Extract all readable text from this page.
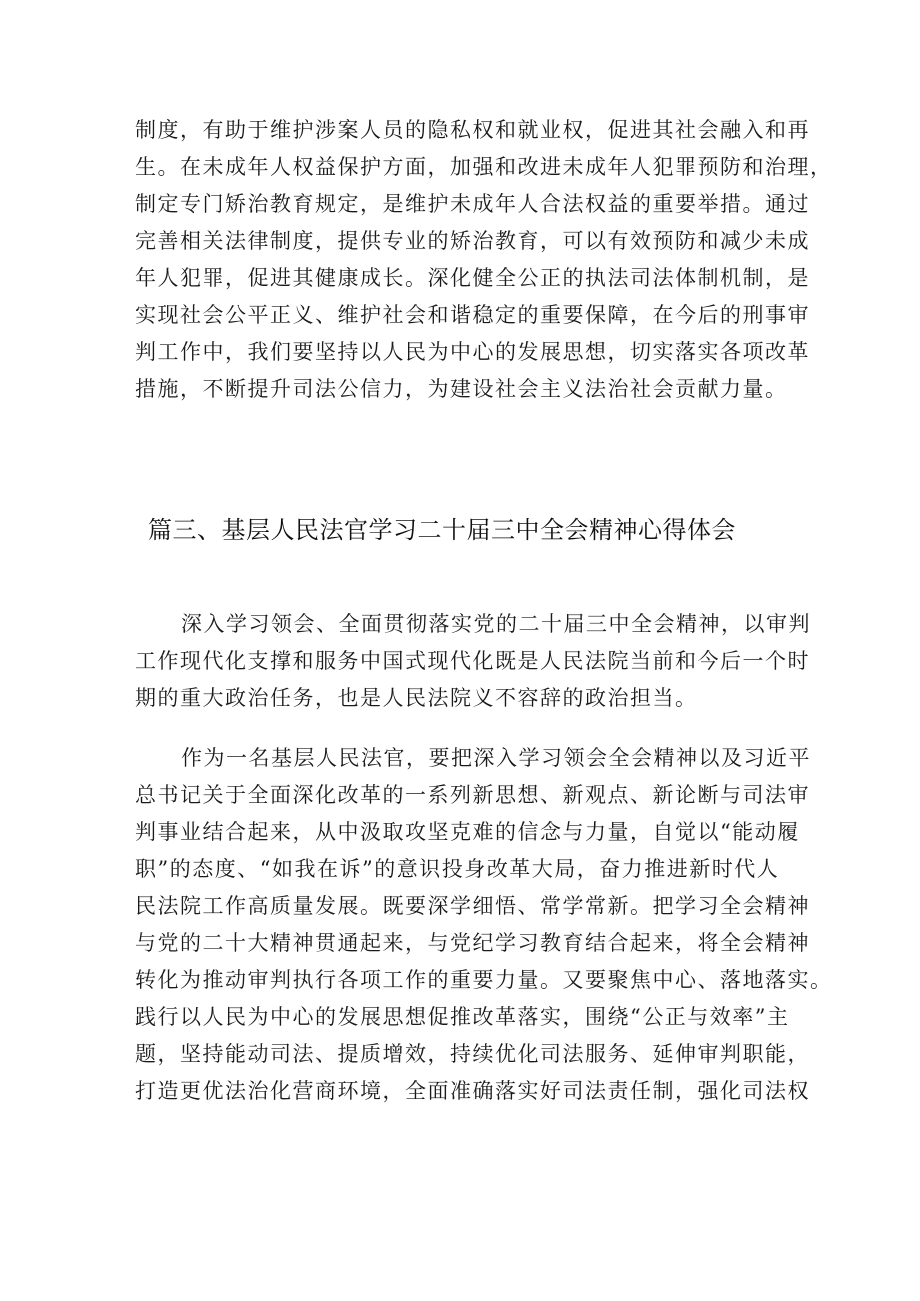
制度，有助于维护涉案人员的隐私权和就业权，促进其社会融入和再
生。在未成年人权益保护方面，加强和改进未成年人犯罪预防和治理，
制定专门矫治教育规定，是维护未成年人合法权益的重要举措。通过
完善相关法律制度，提供专业的矫治教育，可以有效预防和减少未成
年人犯罪，促进其健康成长。深化健全公正的执法司法体制机制，是
实现社会公平正义、维护社会和谐稳定的重要保障，在今后的刑事审
判工作中，我们要坚持以人民为中心的发展思想，切实落实各项改革
措施，不断提升司法公信力，为建设社会主义法治社会贡献力量。
篇三、基层人民法官学习二十届三中全会精神心得体会
深入学习领会、全面贯彻落实党的二十届三中全会精神，以审判
工作现代化支撑和服务中国式现代化既是人民法院当前和今后一个时
期的重大政治任务，也是人民法院义不容辞的政治担当。
作为一名基层人民法官，要把深入学习领会全会精神以及习近平
总书记关于全面深化改革的一系列新思想、新观点、新论断与司法审
判事业结合起来，从中汲取攻坚克难的信念与力量，自觉以“能动履
职”的态度、“如我在诉”的意识投身改革大局，奋力推进新时代人
民法院工作高质量发展。既要深学细悟、常学常新。把学习全会精神
与党的二十大精神贯通起来，与党纪学习教育结合起来，将全会精神
转化为推动审判执行各项工作的重要力量。又要聚焦中心、落地落实。
践行以人民为中心的发展思想促推改革落实，围绕“公正与效率”主
题，坚持能动司法、提质增效，持续优化司法服务、延伸审判职能，
打造更优法治化营商环境，全面准确落实好司法责任制，强化司法权
